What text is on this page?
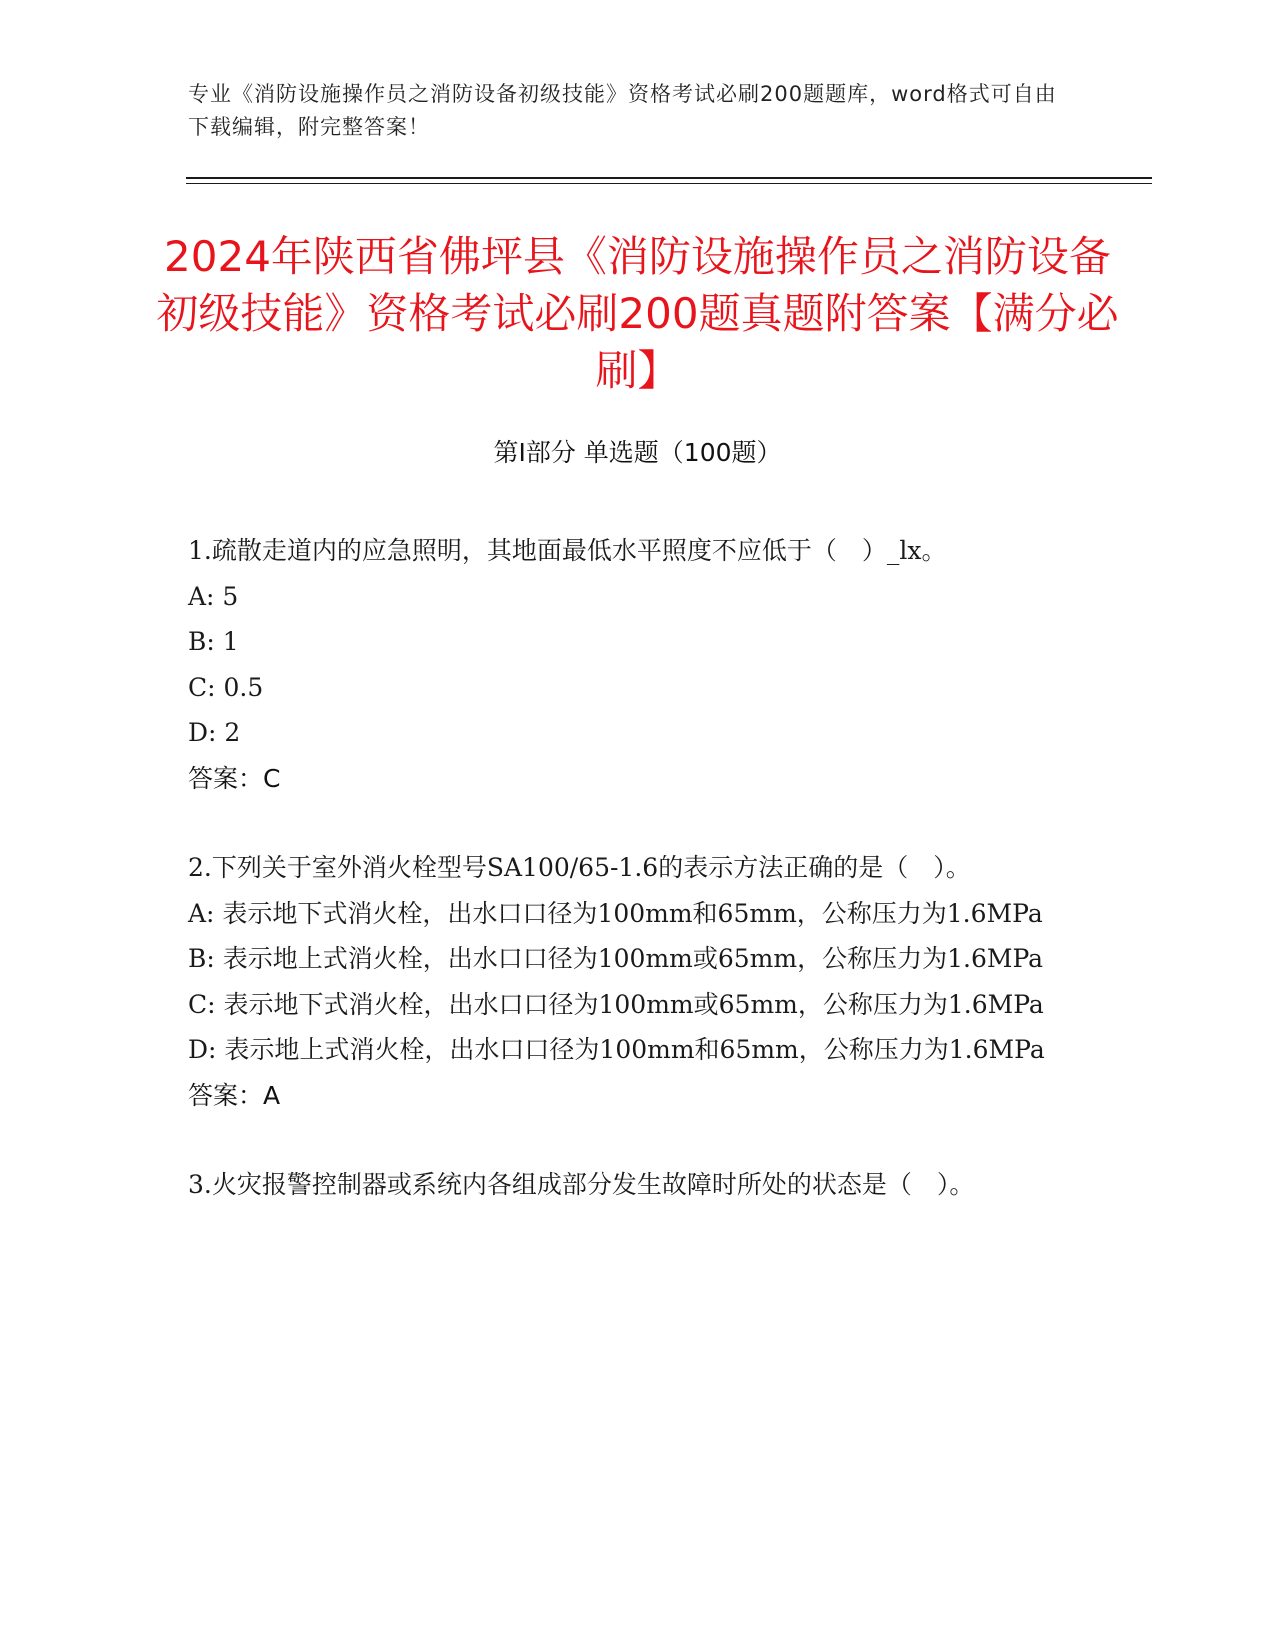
专业《消防设施操作员之消防设备初级技能》资格考试必刷200题题库，word格式可自由下载编辑，附完整答案！
2024年陕西省佛坪县《消防设施操作员之消防设备初级技能》资格考试必刷200题真题附答案【满分必刷】
第I部分 单选题（100题）
1.疏散走道内的应急照明，其地面最低水平照度不应低于（　）_lx。
A: 5
B: 1
C: 0.5
D: 2
答案：C
2.下列关于室外消火栓型号SA100/65-1.6的表示方法正确的是（　）。
A: 表示地下式消火栓，出水口口径为100mm和65mm，公称压力为1.6MPa
B: 表示地上式消火栓，出水口口径为100mm或65mm，公称压力为1.6MPa
C: 表示地下式消火栓，出水口口径为100mm或65mm，公称压力为1.6MPa
D: 表示地上式消火栓，出水口口径为100mm和65mm，公称压力为1.6MPa
答案：A
3.火灾报警控制器或系统内各组成部分发生故障时所处的状态是（　）。
